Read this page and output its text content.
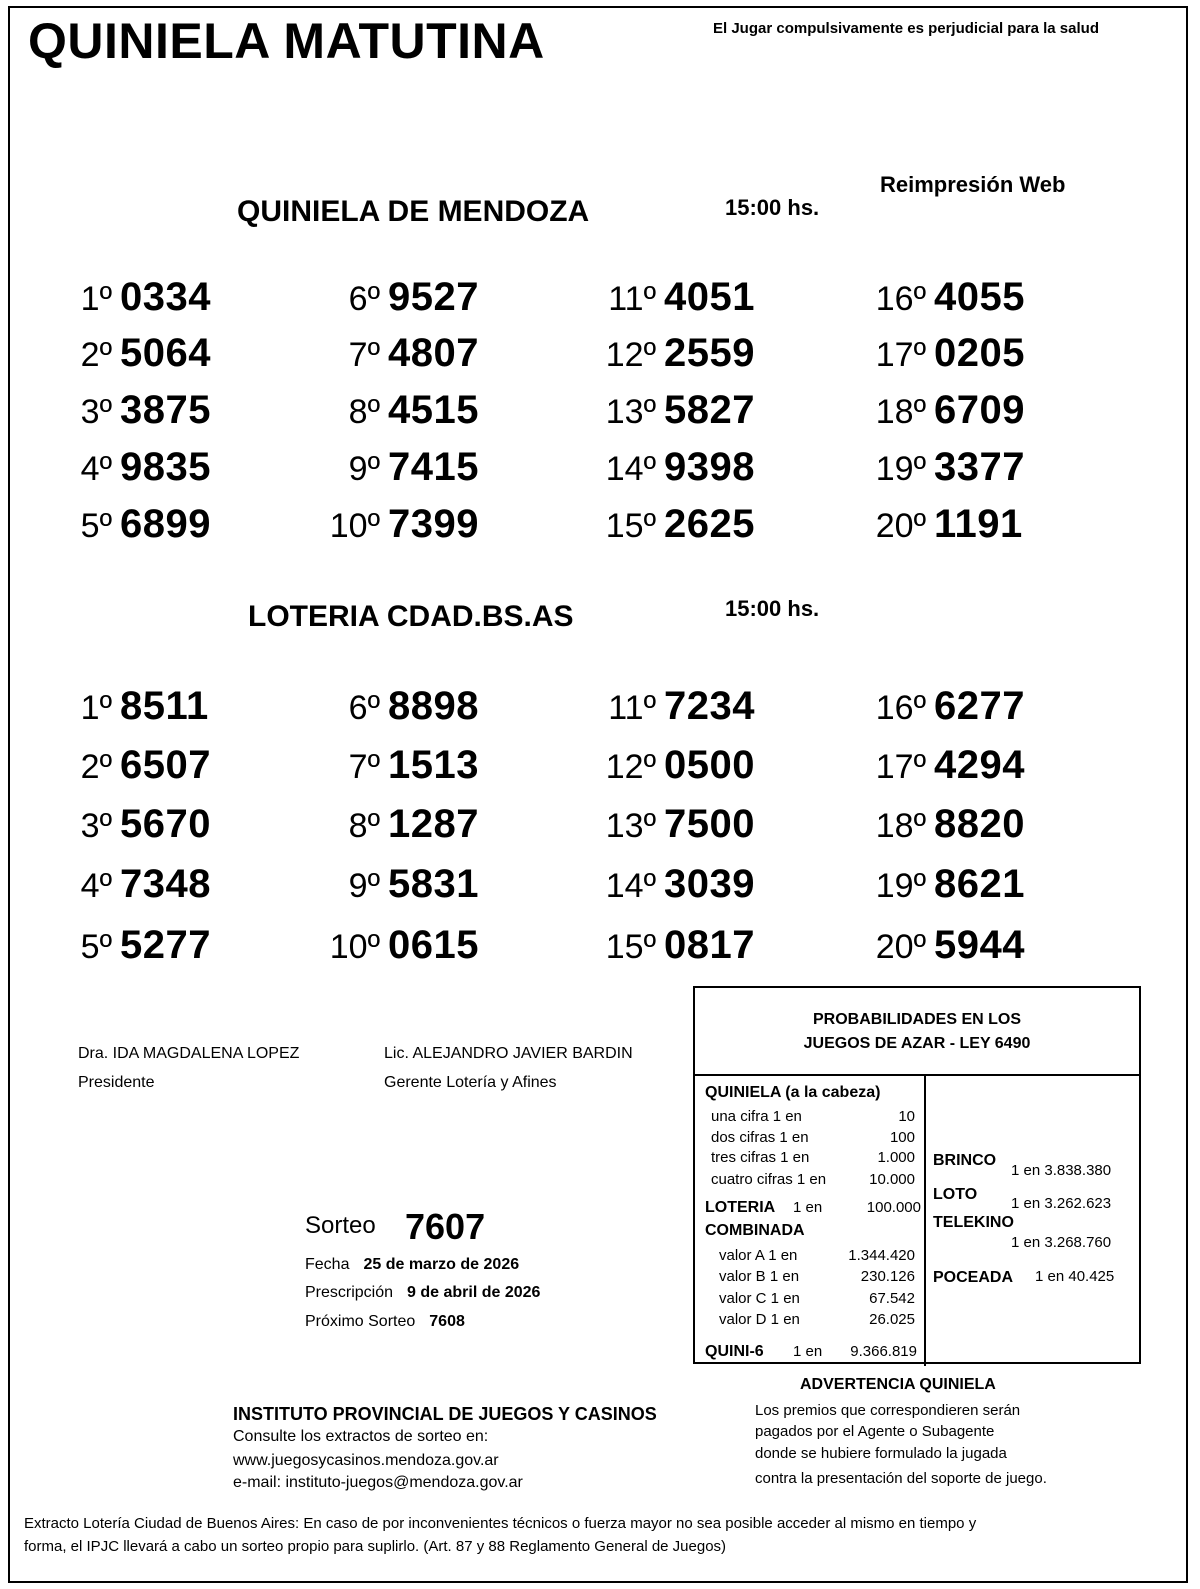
QUINIELA MATUTINA	El Jugar compulsivamente es perjudicial para la salud
Reimpresión Web
QUINIELA DE MENDOZA	15:00 hs.
1º 0334
2º 5064
3º 3875
4º 9835
5º 6899
6º 9527
7º 4807
8º 4515
9º 7415
10º 7399
11º 4051
12º 2559
13º 5827
14º 9398
15º 2625
16º 4055
17º 0205
18º 6709
19º 3377
20º 1191
LOTERIA CDAD.BS.AS	15:00 hs.
1º 8511
2º 6507
3º 5670
4º 7348
5º 5277
6º 8898
7º 1513
8º 1287
9º 5831
10º 0615
11º 7234
12º 0500
13º 7500
14º 3039
15º 0817
16º 6277
17º 4294
18º 8820
19º 8621
20º 5944
Dra. IDA MAGDALENA LOPEZ
Presidente
Lic. ALEJANDRO JAVIER BARDIN
Gerente Lotería y Afines
PROBABILIDADES EN LOS
JUEGOS DE AZAR - LEY 6490
QUINIELA (a la cabeza)
una cifra 1 en	10
dos cifras 1 en	100
tres cifras 1 en	1.000
cuatro cifras 1 en	10.000
LOTERIA 1 en	100.000
COMBINADA
valor A 1 en	1.344.420
valor B 1 en	230.126
valor C 1 en	67.542
valor D 1 en	26.025
QUINI-6 1 en	9.366.819
BRINCO
1 en 3.838.380
LOTO
1 en 3.262.623
TELEKINO
1 en 3.268.760
POCEADA 1 en 40.425
Sorteo 7607
Fecha 25 de marzo de 2026
Prescripción 9 de abril de 2026
Próximo Sorteo 7608
INSTITUTO PROVINCIAL DE JUEGOS Y CASINOS
Consulte los extractos de sorteo en:
www.juegosycasinos.mendoza.gov.ar
e-mail: instituto-juegos@mendoza.gov.ar
ADVERTENCIA QUINIELA
Los premios que correspondieren serán
pagados por el Agente o Subagente
donde se hubiere formulado la jugada
contra la presentación del soporte de juego.
Extracto Lotería Ciudad de Buenos Aires: En caso de por inconvenientes técnicos o fuerza mayor no sea posible acceder al mismo en tiempo y
forma, el IPJC llevará a cabo un sorteo propio para suplirlo. (Art. 87 y 88 Reglamento General de Juegos)
